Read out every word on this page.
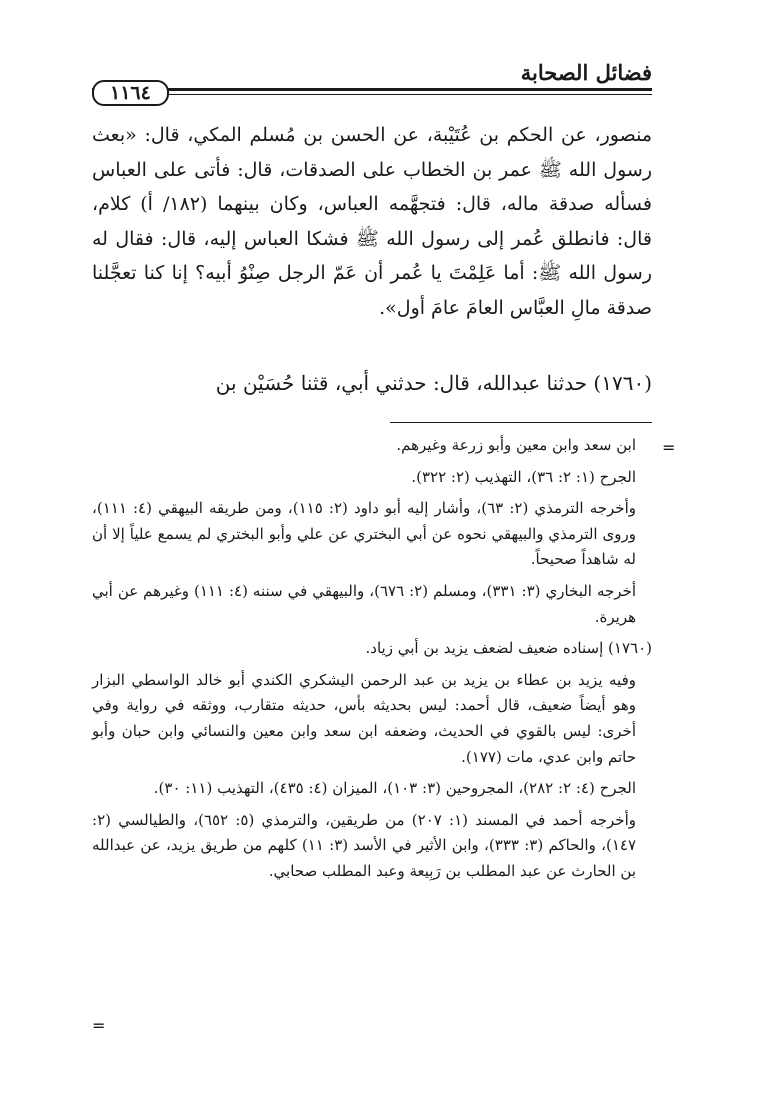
فضائل الصحابة
١١٦٤

منصور، عن الحكم بن عُتَيْبة، عن الحسن بن مُسلم المكي، قال: «بعث رسول الله ﷺ عمر بن الخطاب على الصدقات، قال: فأتى على العباس فسأله صدقة ماله، قال: فتجهَّمه العباس، وكان بينهما (١٨٢/ أ) كلام، قال: فانطلق عُمر إلى رسول الله ﷺ فشكا العباس إليه، قال: فقال له رسول الله ﷺ: أما عَلِمْتَ يا عُمر أن عَمّ الرجل صِنْوُ أبيه؟ إنا كنا تعجَّلنا صدقة مالِ العبَّاس العامَ عامَ أول».

(١٧٦٠) حدثنا عبدالله، قال: حدثني أبي، قثنا حُسَيْن بن
=

ابن سعد وابن معين وأبو زرعة وغيرهم.

الجرح (١: ٢: ٣٦)، التهذيب (٢: ٣٢٢).

وأخرجه الترمذي (٢: ٦٣)، وأشار إليه أبو داود (٢: ١١٥)، ومن طريقه البيهقي (٤: ١١١)، وروى الترمذي والبيهقي نحوه عن أبي البختري عن علي وأبو البختري لم يسمع علياً إلا أن له شاهداً صحيحاً.

أخرجه البخاري (٣: ٣٣١)، ومسلم (٢: ٦٧٦)، والبيهقي في سننه (٤: ١١١) وغيرهم عن أبي هريرة.

(١٧٦٠) إسناده ضعيف لضعف يزيد بن أبي زياد.

وفيه يزيد بن عطاء بن يزيد بن عبد الرحمن اليشكري الكندي أبو خالد الواسطي البزار وهو أيضاً ضعيف، قال أحمد: ليس بحديثه بأس، حديثه متقارب، ووثقه في رواية وفي أخرى: ليس بالقوي في الحديث، وضعفه ابن سعد وابن معين والنسائي وابن حبان وأبو حاتم وابن عدي، مات (١٧٧).

الجرح (٤: ٢: ٢٨٢)، المجروحين (٣: ١٠٣)، الميزان (٤: ٤٣٥)، التهذيب (١١: ٣٠).

وأخرجه أحمد في المسند (١: ٢٠٧) من طريقين، والترمذي (٥: ٦٥٢)، والطيالسي (٢: ١٤٧)، والحاكم (٣: ٣٣٣)، وابن الأثير في الأسد (٣: ١١) كلهم من طريق يزيد، عن عبدالله بن الحارث عن عبد المطلب بن رَبِيعة وعبد المطلب صحابي.

=
